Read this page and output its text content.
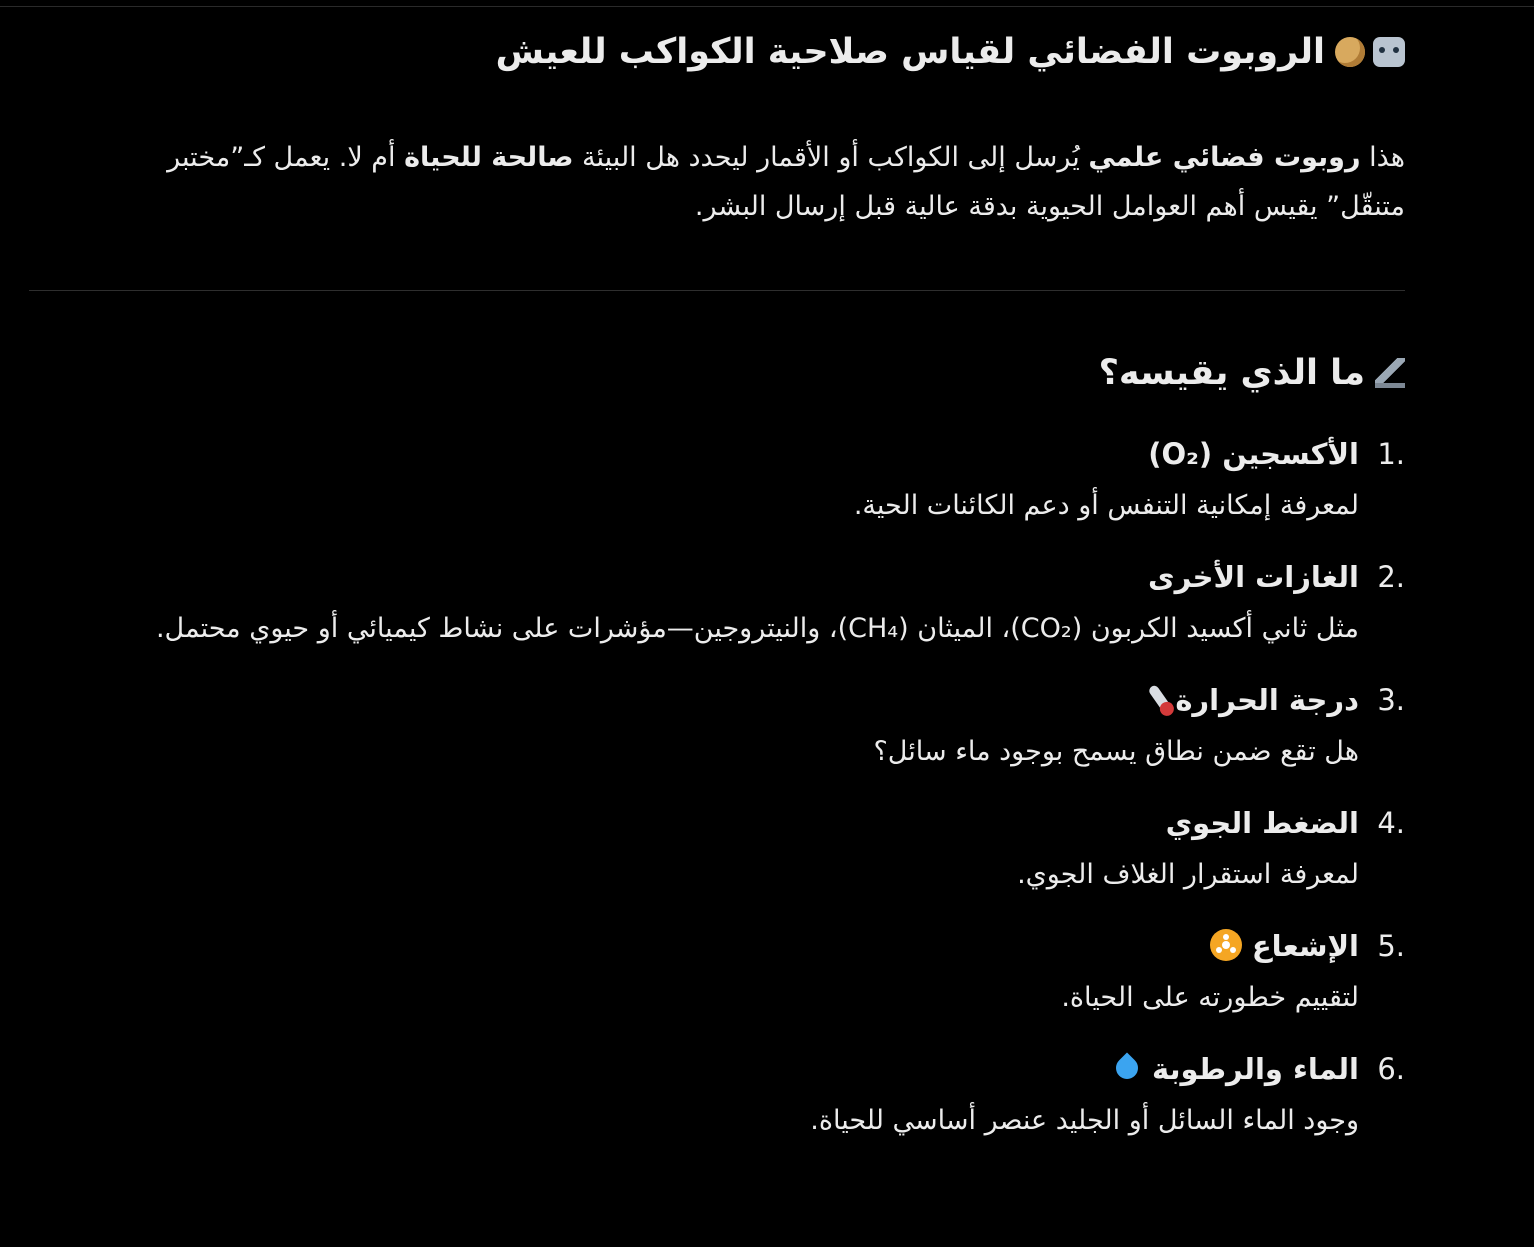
الروبوت الفضائي لقياس صلاحية الكواكب للعيش

هذا روبوت فضائي علمي يُرسل إلى الكواكب أو الأقمار ليحدد هل البيئة صالحة للحياة أم لا. يعمل كـ”مختبر متنقّل” يقيس أهم العوامل الحيوية بدقة عالية قبل إرسال البشر.

ما الذي يقيسه؟
1.
الأكسجين (O₂)
لمعرفة إمكانية التنفس أو دعم الكائنات الحية.
2.
الغازات الأخرى
مثل ثاني أكسيد الكربون (CO₂)، الميثان (CH₄)، والنيتروجين—مؤشرات على نشاط كيميائي أو حيوي محتمل.
3.
درجة الحرارة
هل تقع ضمن نطاق يسمح بوجود ماء سائل؟
4.
الضغط الجوي
لمعرفة استقرار الغلاف الجوي.
5.
الإشعاع
لتقييم خطورته على الحياة.
6.
الماء والرطوبة
وجود الماء السائل أو الجليد عنصر أساسي للحياة.
